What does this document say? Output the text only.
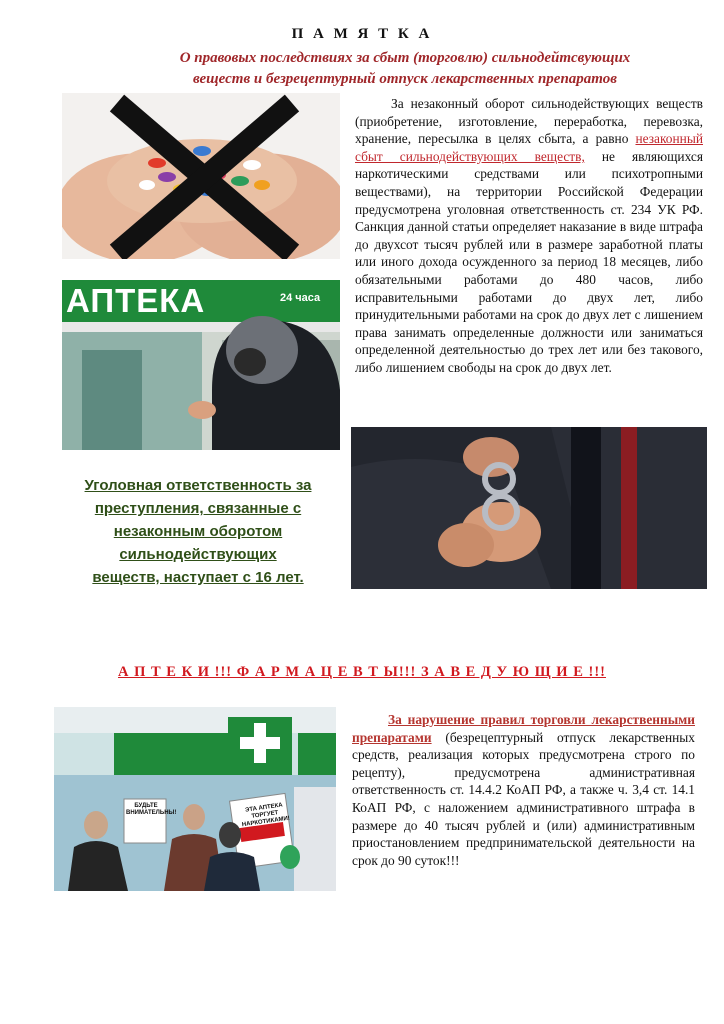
П А М Я Т К А
О правовых последствиях за сбыт (торговлю) сильнодейтсвующих
веществ и безрецептурный отпуск лекарственных препаратов
АПТЕКА	24 часа

За незаконный оборот сильнодействующих веществ (приобретение, изготовление, переработка, перевозка, хранение, пересылка в целях сбыта, а равно незаконный сбыт сильнодействующих веществ, не являющихся наркотическими средствами или психотропными веществами), на территории Российской Федерации предусмотрена уголовная ответственность ст. 234 УК РФ. Санкция данной статьи определяет наказание в виде штрафа до двухсот тысяч рублей или в размере заработной платы или иного дохода осужденного за период 18 месяцев, либо обязательными работами до 480 часов, либо исправительными работами до двух лет, либо принудительными работами на срок до двух лет с лишением права занимать определенные должности или заниматься определенной деятельностью до трех лет или без такового, либо лишением свободы на срок до двух лет.

Уголовная ответственность за
преступления, связанные с
незаконным оборотом
сильнодействующих
веществ, наступает с 16 лет.
А П Т Е К И !!! Ф А Р М А Ц Е В Т Ы!!! З А В Е Д У Ю Щ И Е !!!
БУДЬТЕ ВНИМАТЕЛЬНЫ!	ЭТА АПТЕКА ТОРГУЕТ НАРКОТИКАМИ!

За нарушение правил торговли лекарственными препаратами (безрецептурный отпуск лекарственных средств, реализация которых предусмотрена строго по рецепту), предусмотрена административная ответственность ст. 14.4.2 КоАП РФ, а также ч. 3,4 ст. 14.1 КоАП РФ, с наложением административного штрафа в размере до 40 тысяч рублей и (или) административным приостановлением предпринимательской деятельности на срок до 90 суток!!!
